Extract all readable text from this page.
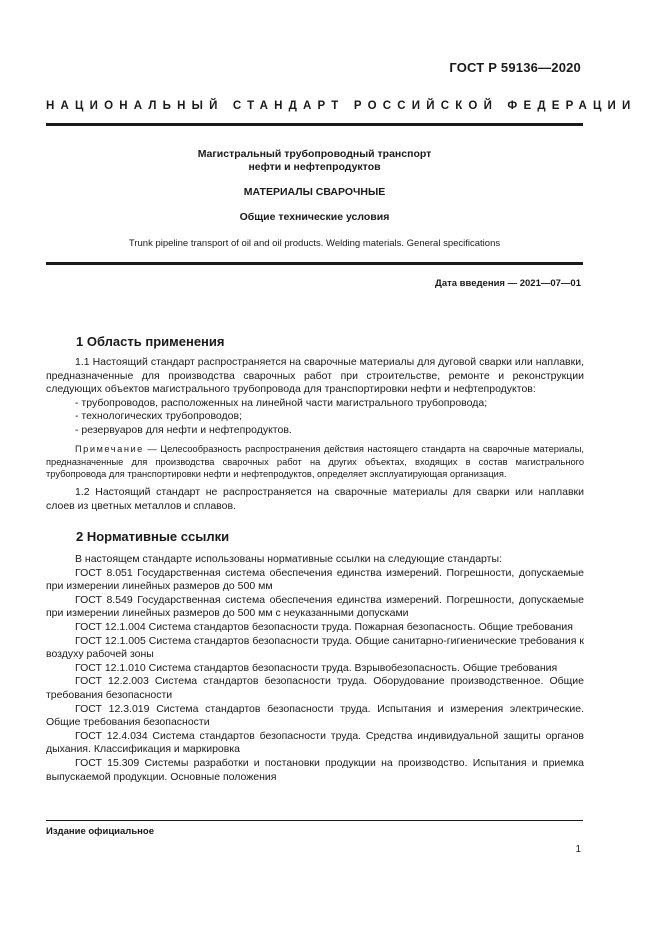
ГОСТ Р 59136—2020
НАЦИОНАЛЬНЫЙ СТАНДАРТ РОССИЙСКОЙ ФЕДЕРАЦИИ
Магистральный трубопроводный транспорт
нефти и нефтепродуктов
МАТЕРИАЛЫ СВАРОЧНЫЕ
Общие технические условия
Trunk pipeline transport of oil and oil products. Welding materials. General specifications
Дата введения — 2021—07—01
1 Область применения

1.1 Настоящий стандарт распространяется на сварочные материалы для дуговой сварки или наплавки, предназначенные для производства сварочных работ при строительстве, ремонте и реконструкции следующих объектов магистрального трубопровода для транспортировки нефти и нефтепродуктов:

- трубопроводов, расположенных на линейной части магистрального трубопровода;

- технологических трубопроводов;

- резервуаров для нефти и нефтепродуктов.

Примечание — Целесообразность распространения действия настоящего стандарта на сварочные материалы, предназначенные для производства сварочных работ на других объектах, входящих в состав магистрального трубопровода для транспортировки нефти и нефтепродуктов, определяет эксплуатирующая организация.

1.2 Настоящий стандарт не распространяется на сварочные материалы для сварки или наплавки слоев из цветных металлов и сплавов.

2 Нормативные ссылки

В настоящем стандарте использованы нормативные ссылки на следующие стандарты:

ГОСТ 8.051 Государственная система обеспечения единства измерений. Погрешности, допускаемые при измерении линейных размеров до 500 мм

ГОСТ 8.549 Государственная система обеспечения единства измерений. Погрешности, допускаемые при измерении линейных размеров до 500 мм с неуказанными допусками

ГОСТ 12.1.004 Система стандартов безопасности труда. Пожарная безопасность. Общие требования

ГОСТ 12.1.005 Система стандартов безопасности труда. Общие санитарно-гигиенические требования к воздуху рабочей зоны

ГОСТ 12.1.010 Система стандартов безопасности труда. Взрывобезопасность. Общие требования

ГОСТ 12.2.003 Система стандартов безопасности труда. Оборудование производственное. Общие требования безопасности

ГОСТ 12.3.019 Система стандартов безопасности труда. Испытания и измерения электрические. Общие требования безопасности

ГОСТ 12.4.034 Система стандартов безопасности труда. Средства индивидуальной защиты органов дыхания. Классификация и маркировка

ГОСТ 15.309 Системы разработки и постановки продукции на производство. Испытания и приемка выпускаемой продукции. Основные положения

Издание официальное
1
